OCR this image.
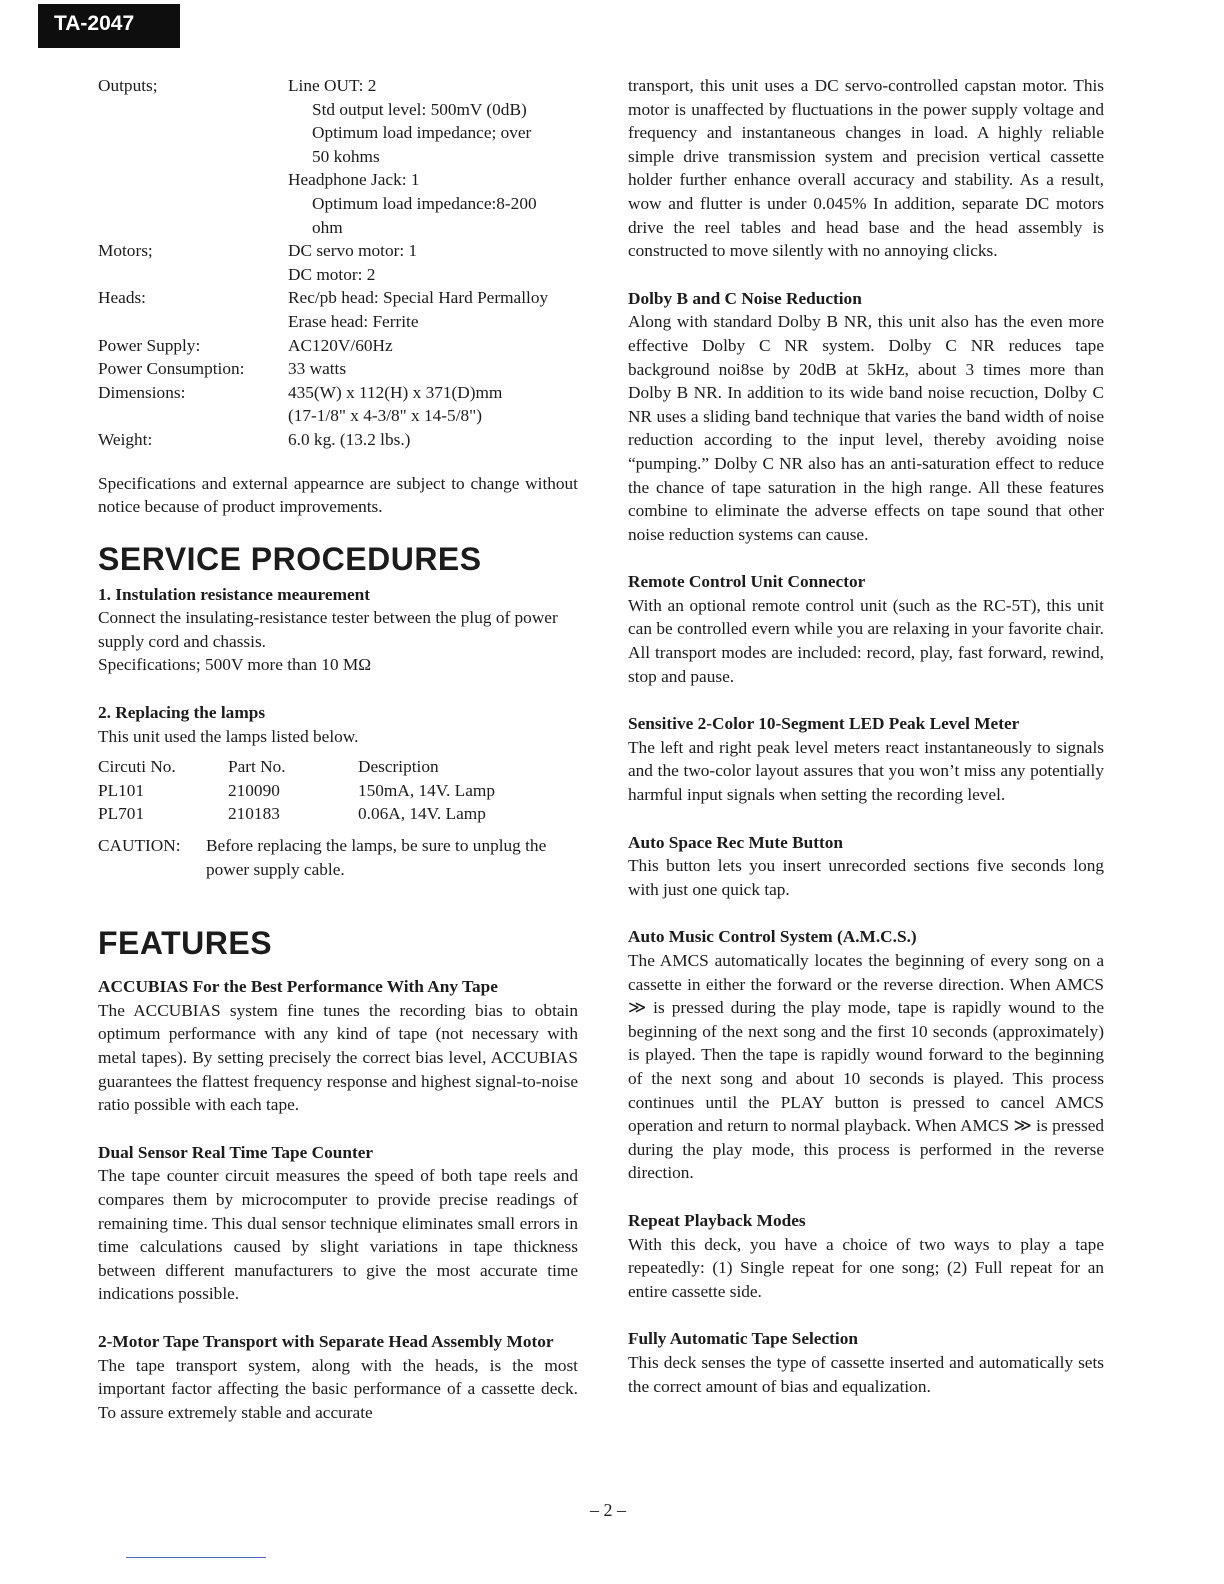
TA-2047
Outputs;	Line OUT: 2
Std output level: 500mV (0dB)
Optimum load impedance; over
50 kohms
Headphone Jack: 1
Optimum load impedance:8-200
ohm
Motors;	DC servo motor: 1
DC motor: 2
Heads:	Rec/pb head: Special Hard Permalloy
Erase head: Ferrite
Power Supply:	AC120V/60Hz
Power Consumption:	33 watts
Dimensions:	435(W) x 112(H) x 371(D)mm
(17-1/8" x 4-3/8" x 14-5/8")
Weight:	6.0 kg. (13.2 lbs.)

Specifications and external appearnce are subject to change without notice because of product improvements.

SERVICE PROCEDURES
1. Instulation resistance meaurement

Connect the insulating-resistance tester between the plug of power supply cord and chassis.

Specifications; 500V more than 10 MΩ

2. Replacing the lamps

This unit used the lamps listed below.

Circuti No.	Part No.	Description
PL101	210090	150mA, 14V. Lamp
PL701	210183	0.06A, 14V. Lamp
CAUTION:	Before replacing the lamps, be sure to unplug the power supply cable.
FEATURES
ACCUBIAS For the Best Performance With Any Tape

The ACCUBIAS system fine tunes the recording bias to obtain optimum performance with any kind of tape (not necessary with metal tapes). By setting precisely the correct bias level, ACCUBIAS guarantees the flattest frequency response and highest signal-to-noise ratio possible with each tape.

Dual Sensor Real Time Tape Counter

The tape counter circuit measures the speed of both tape reels and compares them by microcomputer to provide precise readings of remaining time. This dual sensor technique eliminates small errors in time calculations caused by slight variations in tape thickness between different manufacturers to give the most accurate time indications possible.

2-Motor Tape Transport with Separate Head Assembly Motor

The tape transport system, along with the heads, is the most important factor affecting the basic performance of a cassette deck. To assure extremely stable and accurate

transport, this unit uses a DC servo-controlled capstan motor. This motor is unaffected by fluctuations in the power supply voltage and frequency and instantaneous changes in load. A highly reliable simple drive transmission system and precision vertical cassette holder further enhance overall accuracy and stability. As a result, wow and flutter is under 0.045% In addition, separate DC motors drive the reel tables and head base and the head assembly is constructed to move silently with no annoying clicks.

Dolby B and C Noise Reduction

Along with standard Dolby B NR, this unit also has the even more effective Dolby C NR system. Dolby C NR reduces tape background noi8se by 20dB at 5kHz, about 3 times more than Dolby B NR. In addition to its wide band noise recuction, Dolby C NR uses a sliding band technique that varies the band width of noise reduction according to the input level, thereby avoiding noise “pumping.” Dolby C NR also has an anti-saturation effect to reduce the chance of tape saturation in the high range. All these features combine to eliminate the adverse effects on tape sound that other noise reduction systems can cause.

Remote Control Unit Connector

With an optional remote control unit (such as the RC-5T), this unit can be controlled evern while you are relaxing in your favorite chair. All transport modes are included: record, play, fast forward, rewind, stop and pause.

Sensitive 2-Color 10-Segment LED Peak Level Meter

The left and right peak level meters react instantaneously to signals and the two-color layout assures that you won’t miss any potentially harmful input signals when setting the recording level.

Auto Space Rec Mute Button

This button lets you insert unrecorded sections five seconds long with just one quick tap.

Auto Music Control System (A.M.C.S.)

The AMCS automatically locates the beginning of every song on a cassette in either the forward or the reverse direction. When AMCS ≫ is pressed during the play mode, tape is rapidly wound to the beginning of the next song and the first 10 seconds (approximately) is played. Then the tape is rapidly wound forward to the beginning of the next song and about 10 seconds is played. This process continues until the PLAY button is pressed to cancel AMCS operation and return to normal playback. When AMCS ≫ is pressed during the play mode, this process is performed in the reverse direction.

Repeat Playback Modes

With this deck, you have a choice of two ways to play a tape repeatedly: (1) Single repeat for one song; (2) Full repeat for an entire cassette side.

Fully Automatic Tape Selection

This deck senses the type of cassette inserted and automatically sets the correct amount of bias and equalization.

– 2 –
